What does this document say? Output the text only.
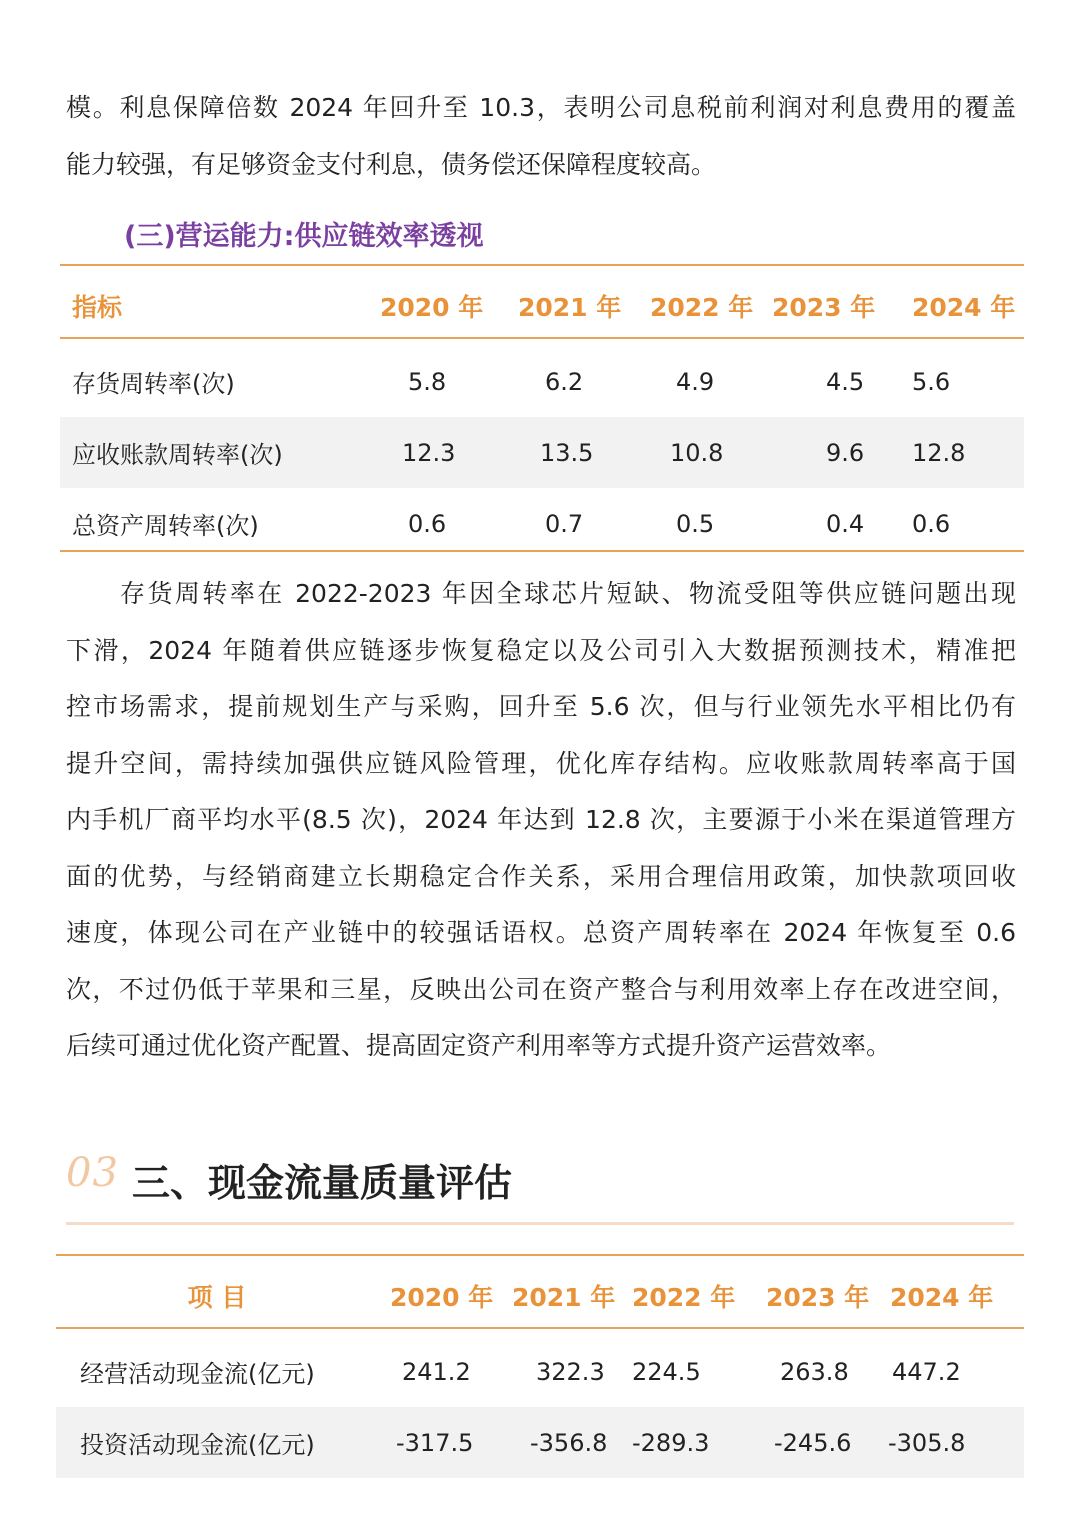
模。利息保障倍数 2024 年回升至 10.3，表明公司息税前利润对利息费用的覆盖
能力较强，有足够资金支付利息，债务偿还保障程度较高。
(三)营运能力:供应链效率透视
指标	2020 年	2021 年	2022 年	2023 年	2024 年
存货周转率(次)	5.8	6.2	4.9	4.5	5.6
应收账款周转率(次)	12.3	13.5	10.8	9.6	12.8
总资产周转率(次)	0.6	0.7	0.5	0.4	0.6
存货周转率在 2022-2023 年因全球芯片短缺、物流受阻等供应链问题出现
下滑，2024 年随着供应链逐步恢复稳定以及公司引入大数据预测技术，精准把
控市场需求，提前规划生产与采购，回升至 5.6 次，但与行业领先水平相比仍有
提升空间，需持续加强供应链风险管理，优化库存结构。应收账款周转率高于国
内手机厂商平均水平(8.5 次)，2024 年达到 12.8 次，主要源于小米在渠道管理方
面的优势，与经销商建立长期稳定合作关系，采用合理信用政策，加快款项回收
速度，体现公司在产业链中的较强话语权。总资产周转率在 2024 年恢复至 0.6
次，不过仍低于苹果和三星，反映出公司在资产整合与利用效率上存在改进空间，
后续可通过优化资产配置、提高固定资产利用率等方式提升资产运营效率。
03 三、现金流量质量评估
项 目	2020 年	2021 年	2022 年	2023 年	2024 年
经营活动现金流(亿元)	241.2	322.3	224.5	263.8	447.2
投资活动现金流(亿元)	-317.5	-356.8	-289.3	-245.6	-305.8
